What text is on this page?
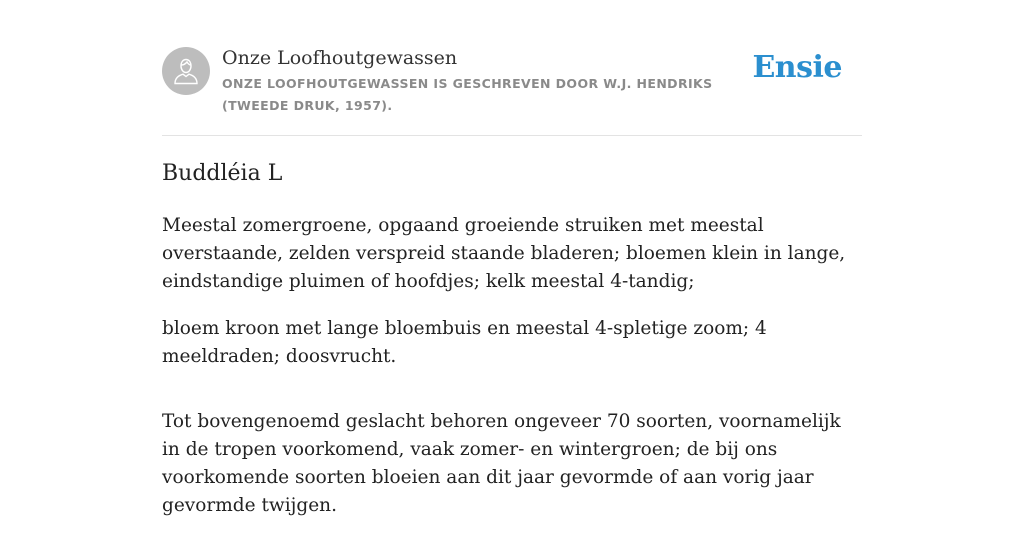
Onze Loofhoutgewassen

ONZE LOOFHOUTGEWASSEN IS GESCHREVEN DOOR W.J. HENDRIKS (TWEEDE DRUK, 1957).

Ensie
Buddléia L

Meestal zomergroene, opgaand groeiende struiken met meestal overstaande, zelden verspreid staande bladeren; bloemen klein in lange, eindstandige pluimen of hoofdjes; kelk meestal 4-tandig;

bloem kroon met lange bloembuis en meestal 4-spletige zoom; 4 meeldraden; doosvrucht.

Tot bovengenoemd geslacht behoren ongeveer 70 soorten, voornamelijk in de tropen voorkomend, vaak zomer- en wintergroen; de bij ons voorkomende soorten bloeien aan dit jaar gevormde of aan vorig jaar gevormde twijgen.
